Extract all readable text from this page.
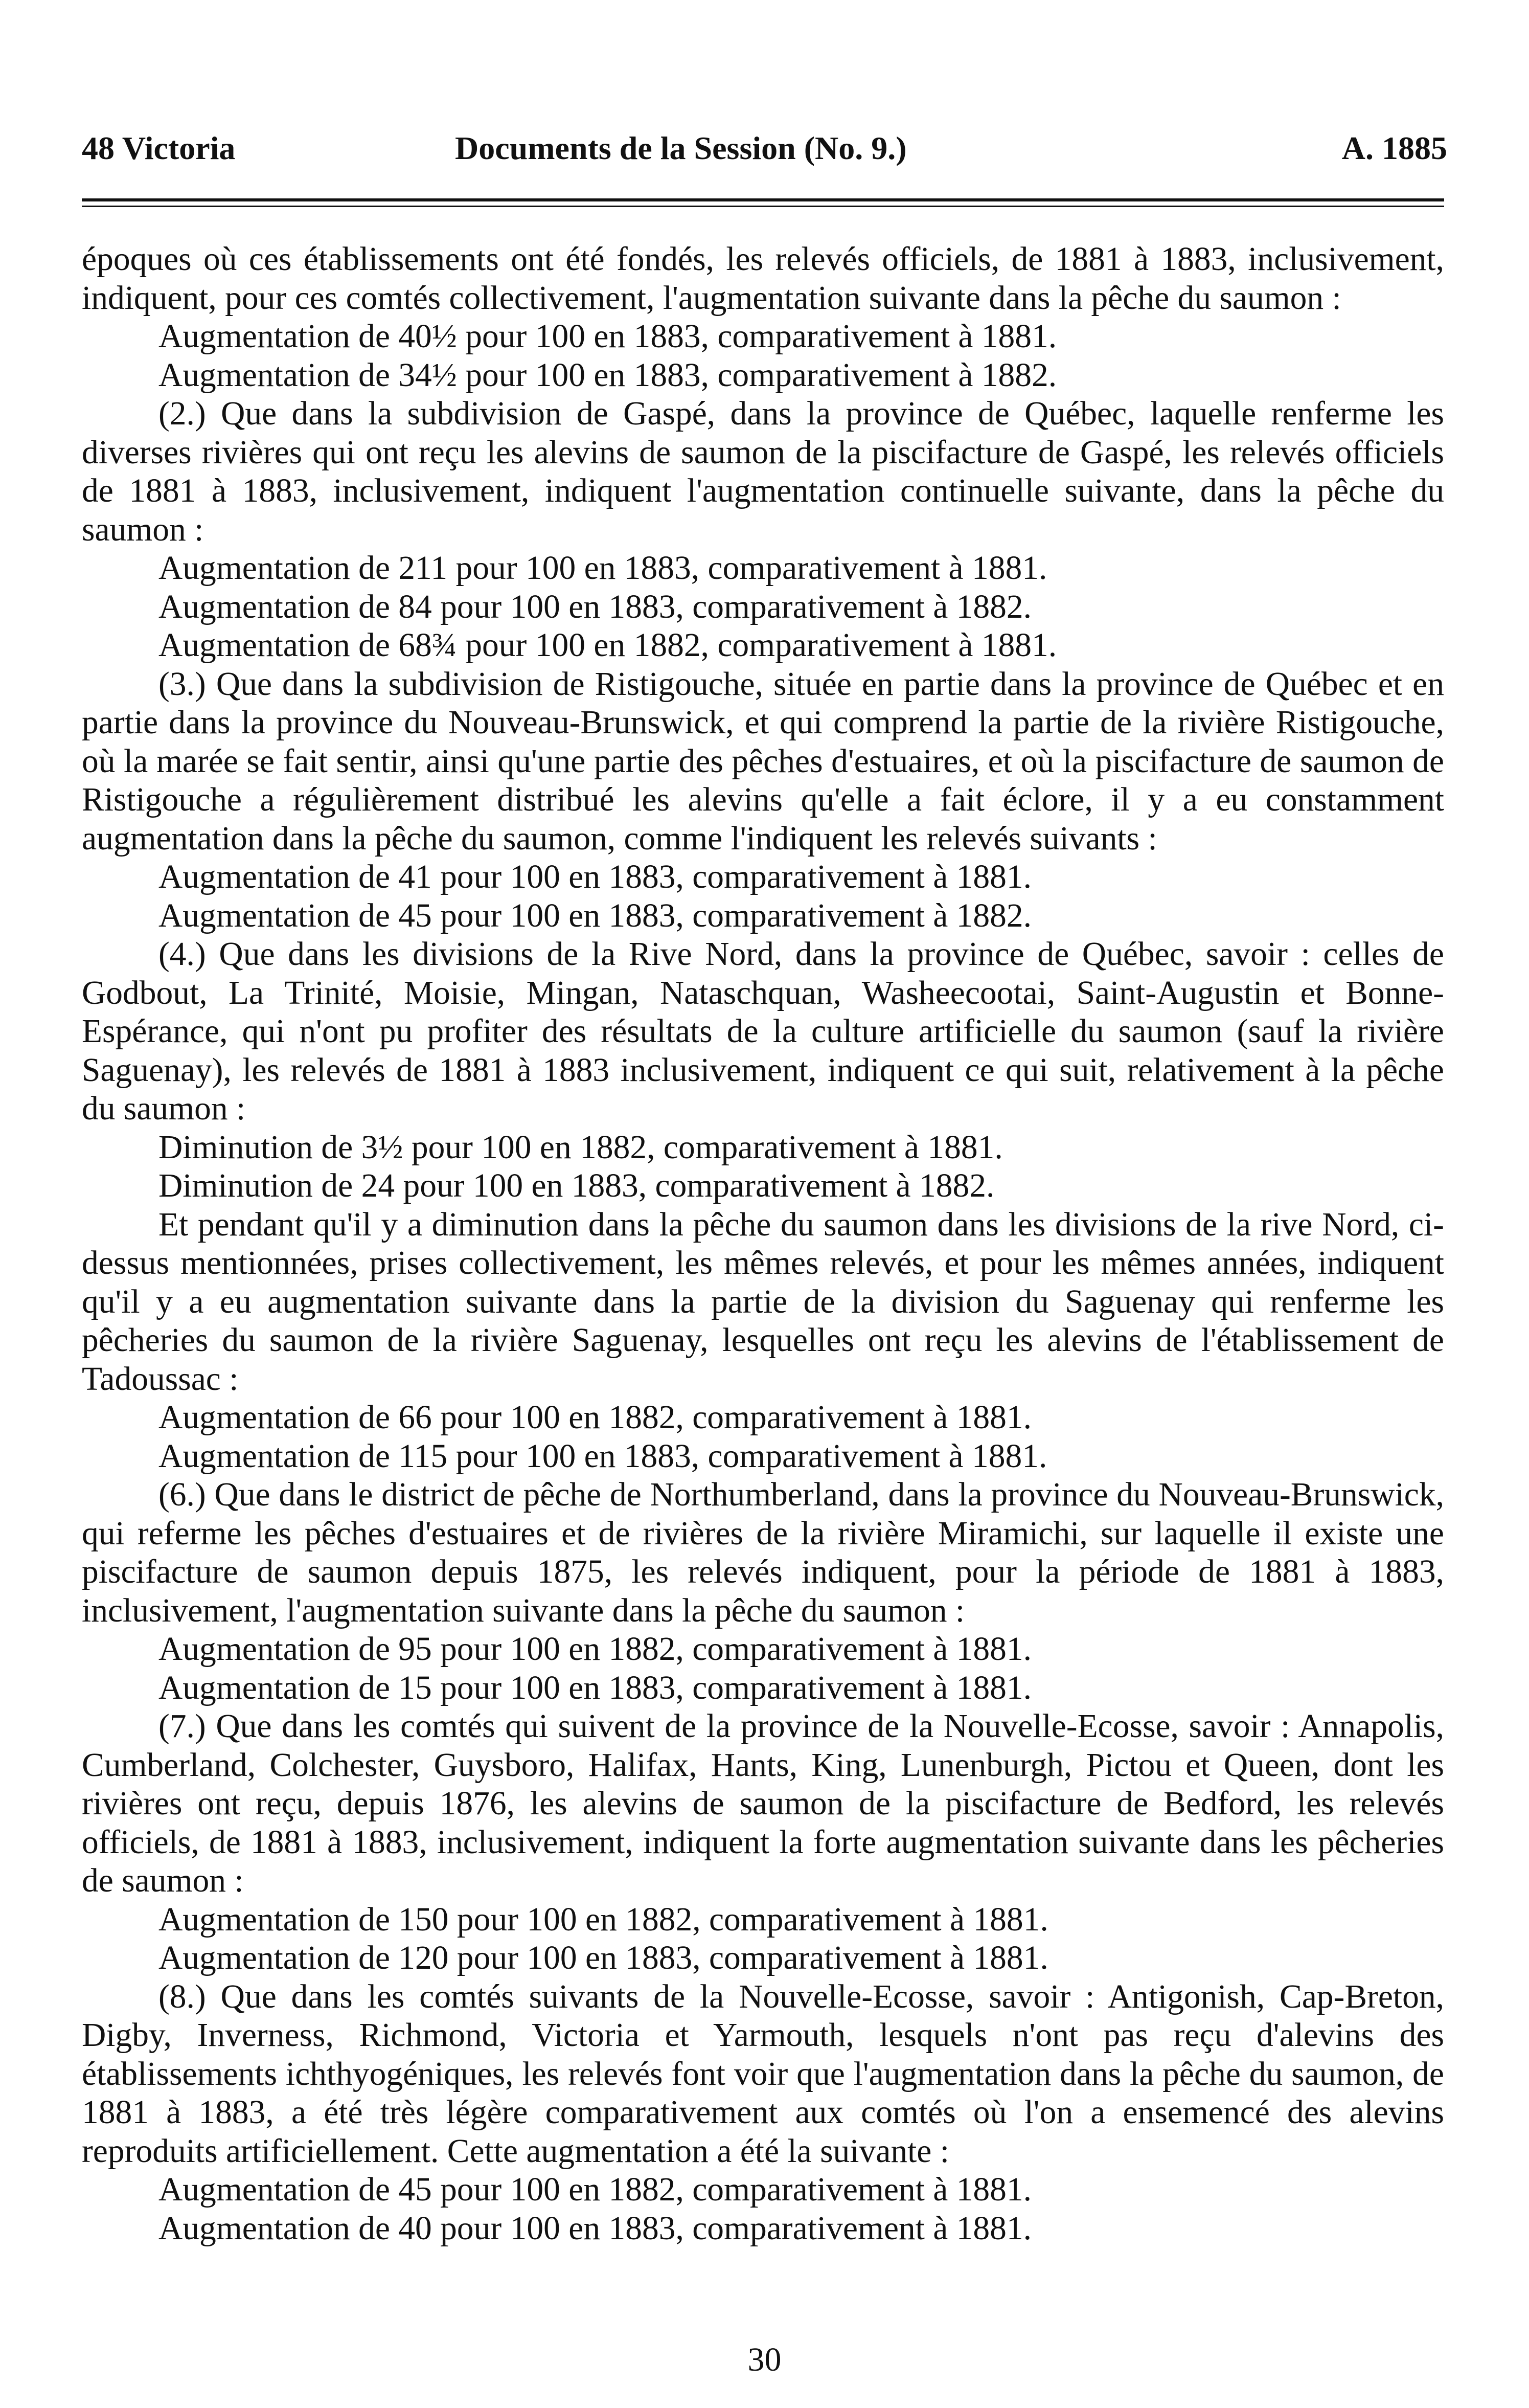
48 Victoria	Documents de la Session (No. 9.)	A. 1885

époques où ces établissements ont été fondés, les relevés officiels, de 1881 à 1883, inclusivement, indiquent, pour ces comtés collectivement, l'augmentation suivante dans la pêche du saumon :

Augmentation de 40½ pour 100 en 1883, comparativement à 1881.

Augmentation de 34½ pour 100 en 1883, comparativement à 1882.

(2.) Que dans la subdivision de Gaspé, dans la province de Québec, laquelle renferme les diverses rivières qui ont reçu les alevins de saumon de la piscifacture de Gaspé, les relevés officiels de 1881 à 1883, inclusivement, indiquent l'augmentation continuelle suivante, dans la pêche du saumon :

Augmentation de 211 pour 100 en 1883, comparativement à 1881.

Augmentation de 84 pour 100 en 1883, comparativement à 1882.

Augmentation de 68¾ pour 100 en 1882, comparativement à 1881.

(3.) Que dans la subdivision de Ristigouche, située en partie dans la province de Québec et en partie dans la province du Nouveau-Brunswick, et qui comprend la partie de la rivière Ristigouche, où la marée se fait sentir, ainsi qu'une partie des pêches d'estuaires, et où la piscifacture de saumon de Ristigouche a régulièrement distribué les alevins qu'elle a fait éclore, il y a eu constamment augmentation dans la pêche du saumon, comme l'indiquent les relevés suivants :

Augmentation de 41 pour 100 en 1883, comparativement à 1881.

Augmentation de 45 pour 100 en 1883, comparativement à 1882.

(4.) Que dans les divisions de la Rive Nord, dans la province de Québec, savoir : celles de Godbout, La Trinité, Moisie, Mingan, Nataschquan, Washeecootai, Saint-Augustin et Bonne-Espérance, qui n'ont pu profiter des résultats de la culture artificielle du saumon (sauf la rivière Saguenay), les relevés de 1881 à 1883 inclusivement, indiquent ce qui suit, relativement à la pêche du saumon :

Diminution de 3½ pour 100 en 1882, comparativement à 1881.

Diminution de 24 pour 100 en 1883, comparativement à 1882.

Et pendant qu'il y a diminution dans la pêche du saumon dans les divisions de la rive Nord, ci-dessus mentionnées, prises collectivement, les mêmes relevés, et pour les mêmes années, indiquent qu'il y a eu augmentation suivante dans la partie de la division du Saguenay qui renferme les pêcheries du saumon de la rivière Saguenay, lesquelles ont reçu les alevins de l'établissement de Tadoussac :

Augmentation de 66 pour 100 en 1882, comparativement à 1881.

Augmentation de 115 pour 100 en 1883, comparativement à 1881.

(6.) Que dans le district de pêche de Northumberland, dans la province du Nouveau-Brunswick, qui referme les pêches d'estuaires et de rivières de la rivière Miramichi, sur laquelle il existe une piscifacture de saumon depuis 1875, les relevés indiquent, pour la période de 1881 à 1883, inclusivement, l'augmentation suivante dans la pêche du saumon :

Augmentation de 95 pour 100 en 1882, comparativement à 1881.

Augmentation de 15 pour 100 en 1883, comparativement à 1881.

(7.) Que dans les comtés qui suivent de la province de la Nouvelle-Ecosse, savoir : Annapolis, Cumberland, Colchester, Guysboro, Halifax, Hants, King, Lunenburgh, Pictou et Queen, dont les rivières ont reçu, depuis 1876, les alevins de saumon de la piscifacture de Bedford, les relevés officiels, de 1881 à 1883, inclusivement, indiquent la forte augmentation suivante dans les pêcheries de saumon :

Augmentation de 150 pour 100 en 1882, comparativement à 1881.

Augmentation de 120 pour 100 en 1883, comparativement à 1881.

(8.) Que dans les comtés suivants de la Nouvelle-Ecosse, savoir : Antigonish, Cap-Breton, Digby, Inverness, Richmond, Victoria et Yarmouth, lesquels n'ont pas reçu d'alevins des établissements ichthyogéniques, les relevés font voir que l'augmentation dans la pêche du saumon, de 1881 à 1883, a été très légère comparativement aux comtés où l'on a ensemencé des alevins reproduits artificiellement. Cette augmentation a été la suivante :

Augmentation de 45 pour 100 en 1882, comparativement à 1881.

Augmentation de 40 pour 100 en 1883, comparativement à 1881.

30
